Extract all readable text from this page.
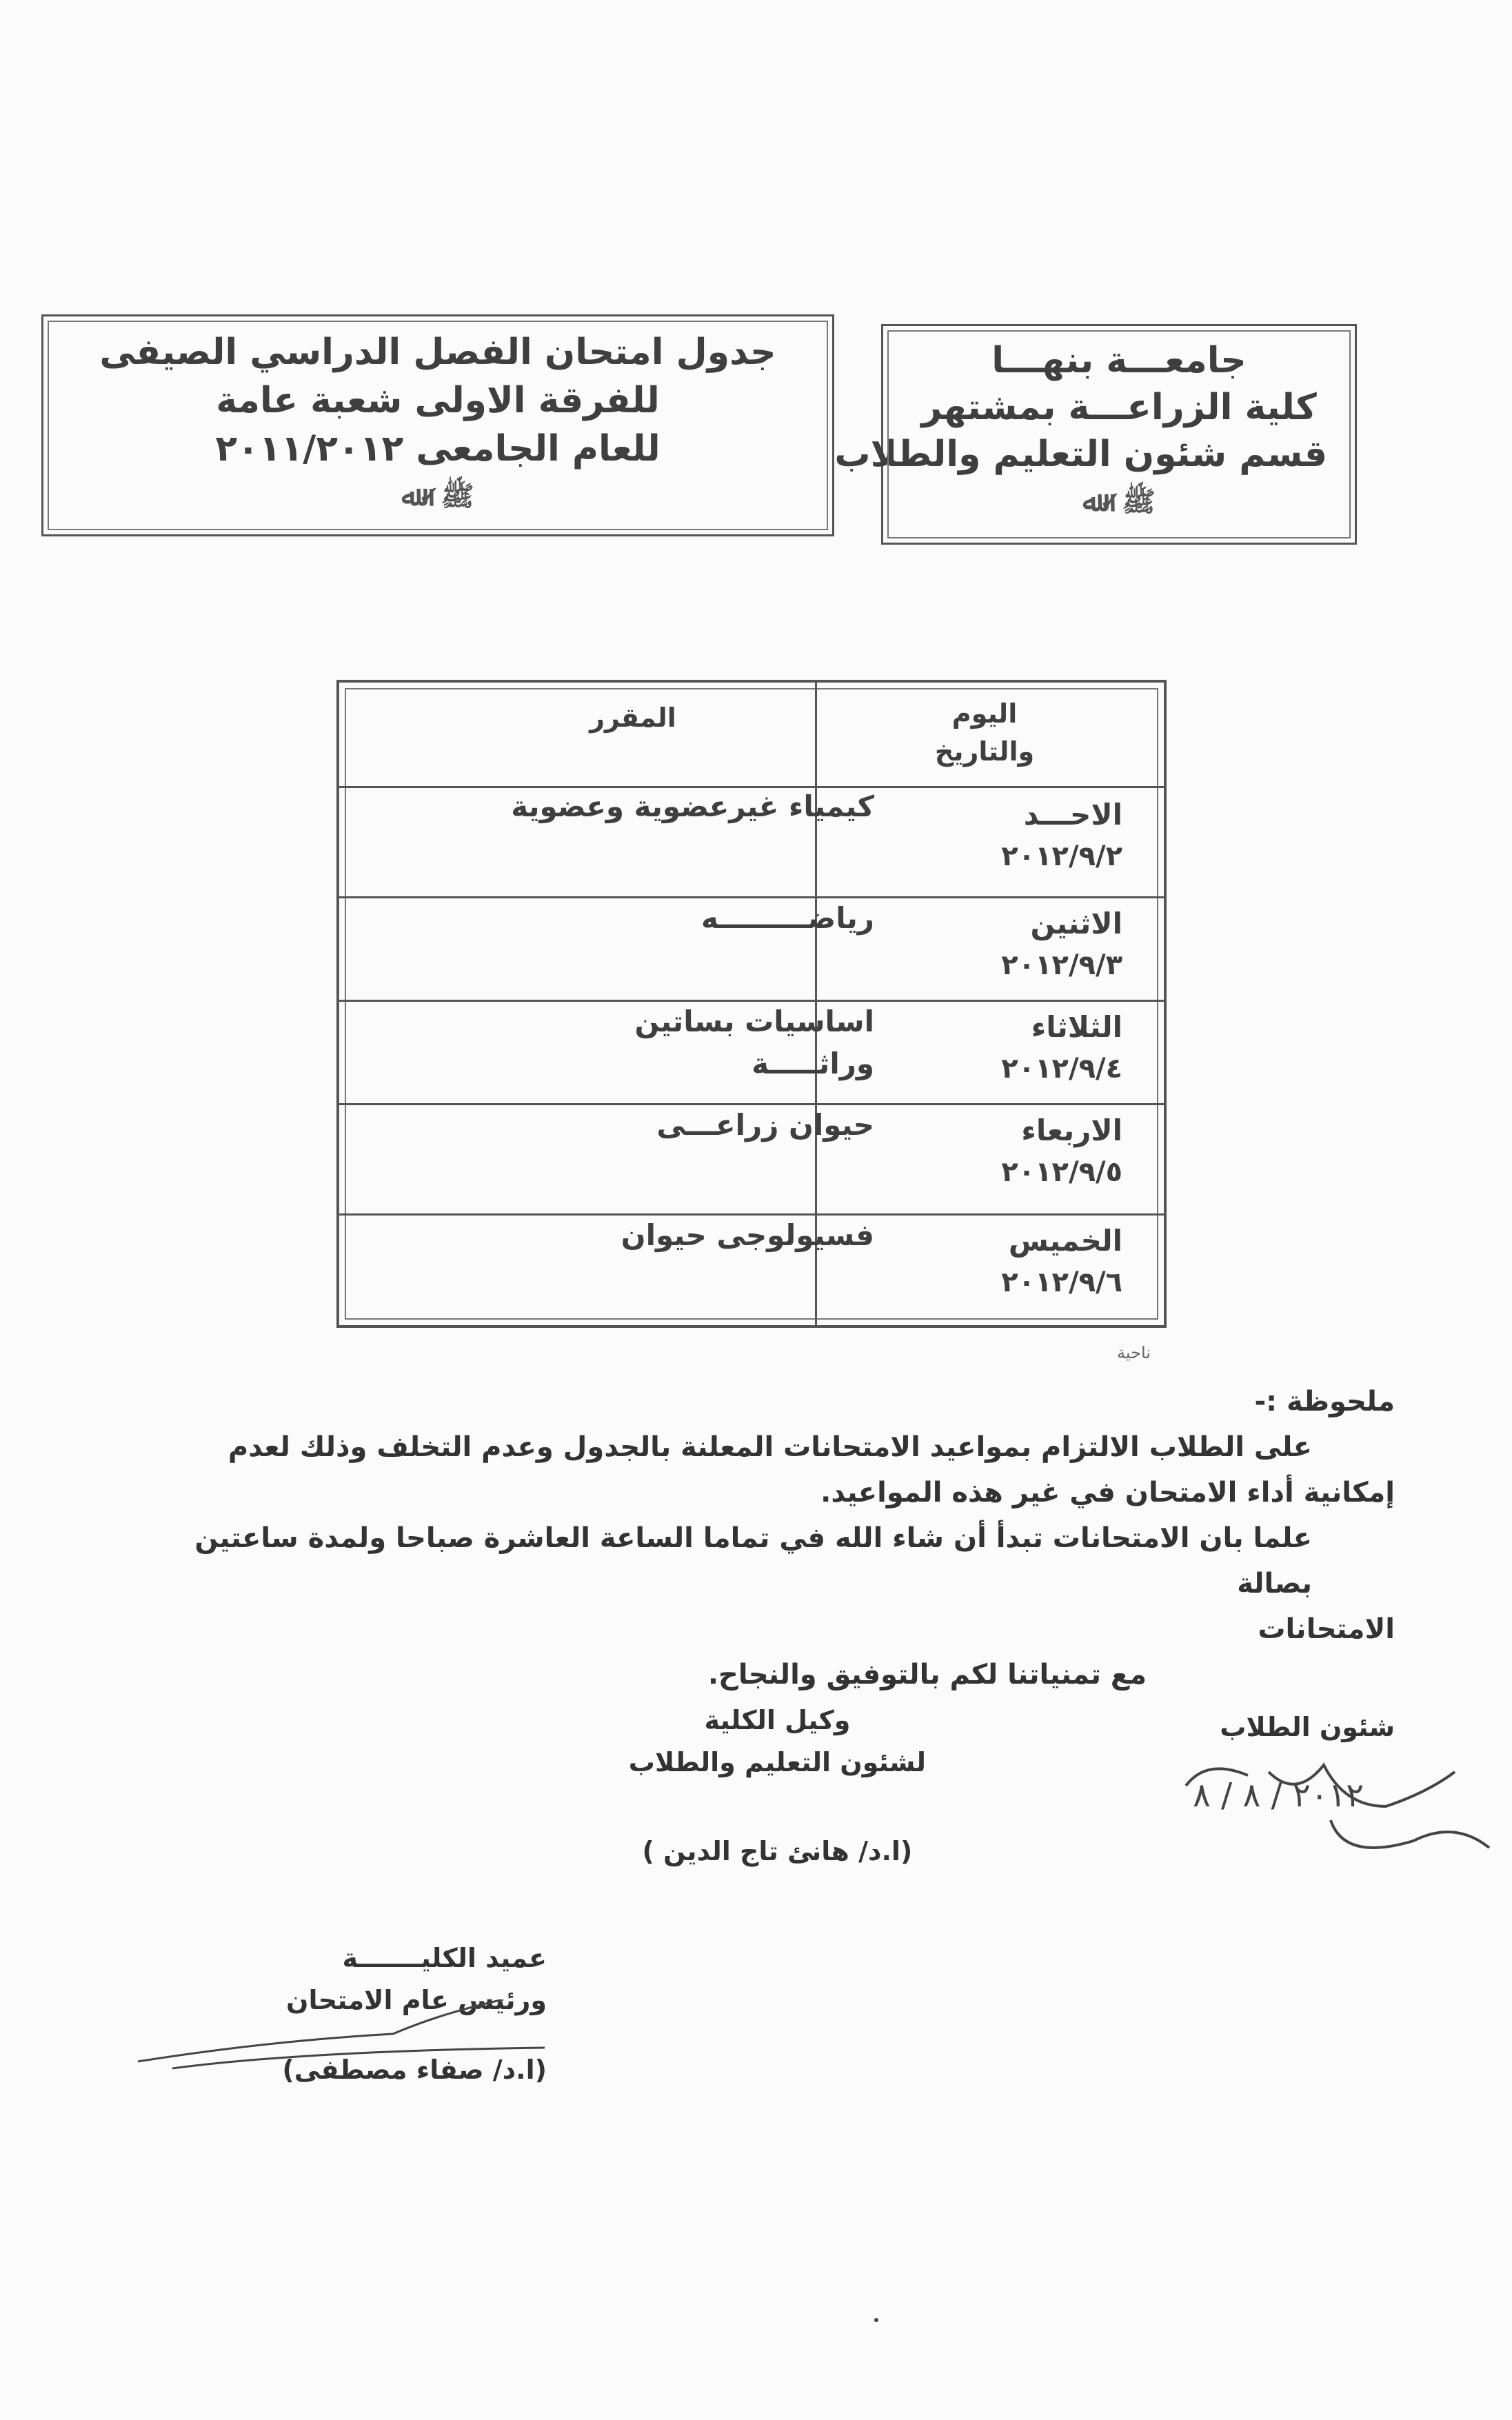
جامعـــة بنهـــا
كلية الزراعـــة بمشتهر
قسم شئون التعليم والطلاب
ﷺ✓ﷲ
جدول امتحان الفصل الدراسي الصيفى
للفرقة الاولى شعبة عامة
للعام الجامعى ٢٠١١/٢٠١٢
ﷺ✓ﷲ
اليوم والتاريخ
المقرر
الاحـــد
٢٠١٢/٩/٢
كيمياء غيرعضوية وعضوية
الاثنين
٢٠١٢/٩/٣
رياضـــــــــه
الثلاثاء
٢٠١٢/٩/٤
اساسيات بساتين وراثـــــة
الاربعاء
٢٠١٢/٩/٥
حيوان زراعـــى
الخميس
٢٠١٢/٩/٦
فسيولوجى حيوان
ناحية
ملحوظة :-
على الطلاب الالتزام بمواعيد الامتحانات المعلنة بالجدول وعدم التخلف وذلك لعدم
إمكانية أداء الامتحان في غير هذه المواعيد.
علما بان الامتحانات تبدأ أن شاء الله في تماما الساعة العاشرة صباحا ولمدة ساعتين بصالة
الامتحانات
مع تمنياتنا لكم بالتوفيق والنجاح.
شئون الطلاب
وكيل الكلية
لشئون التعليم والطلاب
(ا.د/ هانئ تاج الدين )
عميد الكليـــــــة
ورئيس عام الامتحان
(ا.د/ صفاء مصطفى)
٢٠١٢ / ٨ / ٨
